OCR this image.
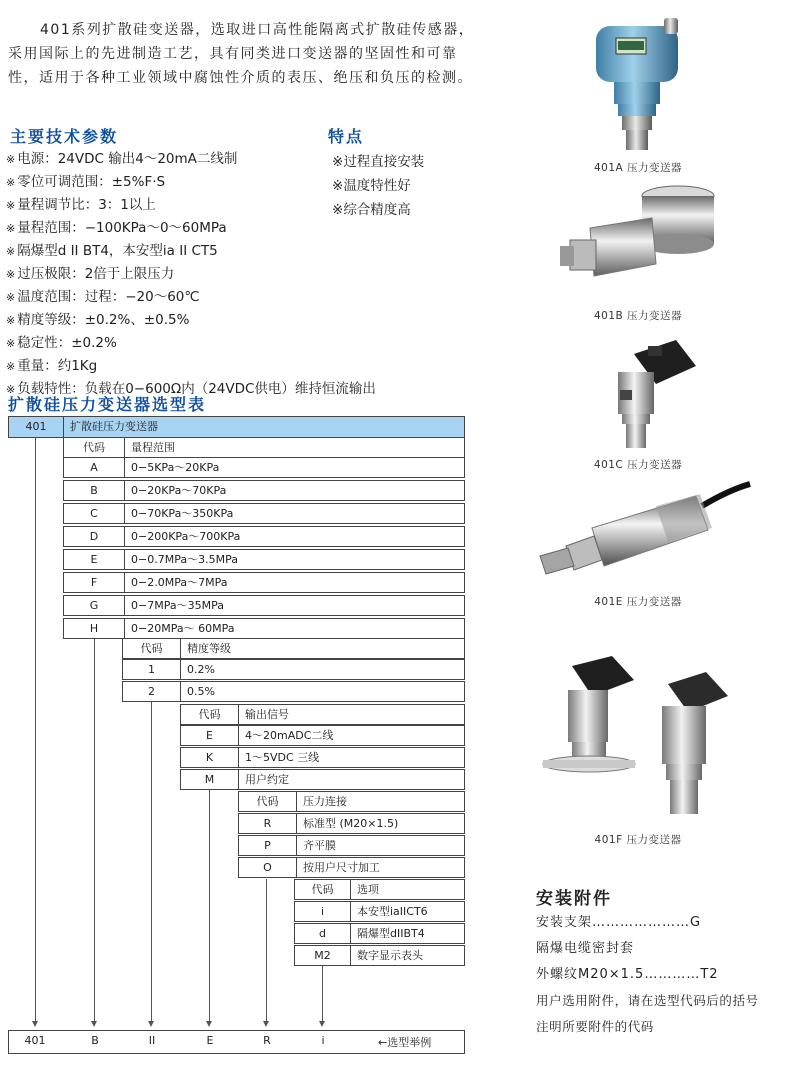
401系列扩散硅变送器，选取进口高性能隔离式扩散硅传感器，采用国际上的先进制造工艺，具有同类进口变送器的坚固性和可靠性，适用于各种工业领域中腐蚀性介质的表压、绝压和负压的检测。
主要技术参数	特点
※ 电源：24VDC 输出4～20mA二线制
※ 零位可调范围：±5%F·S
※ 量程调节比：3：1以上
※ 量程范围：−100KPa～0～60MPa
※ 隔爆型d II BT4，本安型ia II CT5
※ 过压极限：2倍于上限压力
※ 温度范围：过程：−20～60℃
※ 精度等级：±0.2%、±0.5%
※ 稳定性：±0.2%
※ 重量：约1Kg
※ 负载特性：负载在0−600Ω内（24VDC供电）维持恒流输出
※过程直接安装
※温度特性好
※综合精度高
扩散硅压力变送器选型表
401	扩散硅压力变送器
代码	量程范围
A	0−5KPa～20KPa
B	0−20KPa～70KPa
C	0−70KPa～350KPa
D	0−200KPa～700KPa
E	0−0.7MPa～3.5MPa
F	0−2.0MPa～7MPa
G	0−7MPa～35MPa
H	0−20MPa～ 60MPa
代码	精度等级
1	0.2%
2	0.5%
代码	输出信号
E	4～20mADC二线
K	1～5VDC 三线
M	用户约定
代码	压力连接
R	标准型 (M20×1.5)
P	齐平膜
O	按用户尺寸加工
代码	选项
i	本安型iaIICT6
d	隔爆型dIIBT4
M2	数字显示表头
401	B	II	E	R	i	←选型举例
401A 压力变送器
401B 压力变送器
401C 压力变送器
401E 压力变送器
401F 压力变送器
安装附件
安装支架…………………G
隔爆电缆密封套
外螺纹M20×1.5…………T2
用户选用附件，请在选型代码后的括号
注明所要附件的代码
